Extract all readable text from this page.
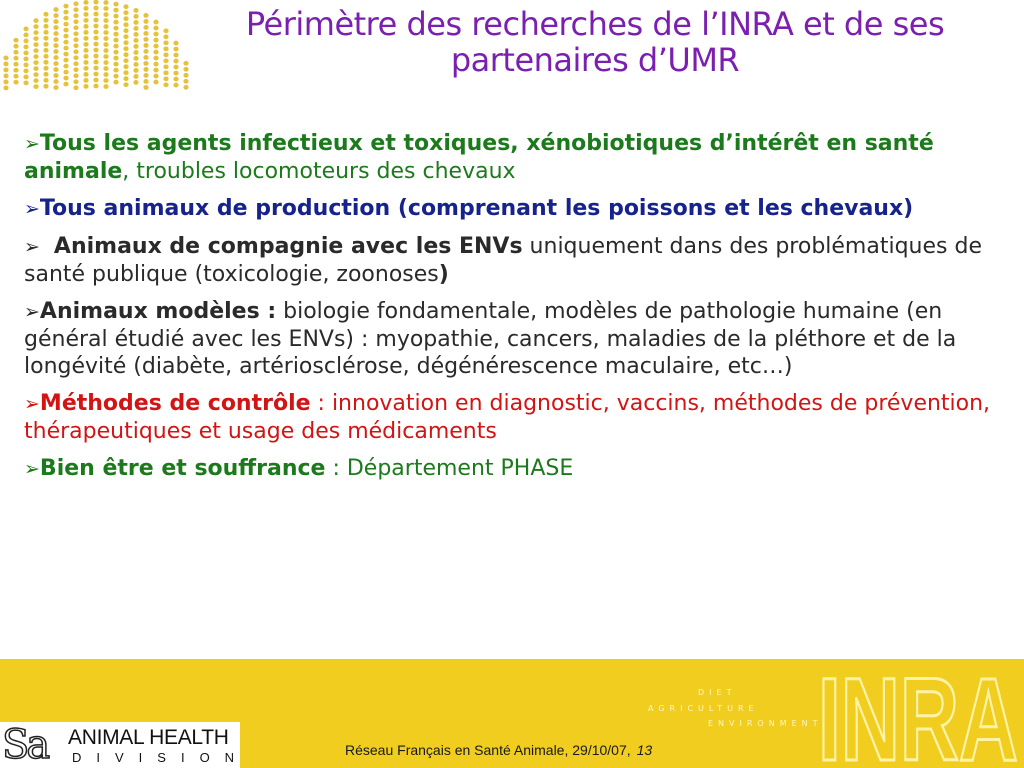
Périmètre des recherches de l’INRA et de ses partenaires d’UMR

➢Tous les agents infectieux et toxiques, xénobiotiques d’intérêt en santé animale, troubles locomoteurs des chevaux

➢Tous animaux de production (comprenant les poissons et les chevaux)

➢ Animaux de compagnie avec les ENVs uniquement dans des problématiques de santé publique (toxicologie, zoonoses)

➢Animaux modèles : biologie fondamentale, modèles de pathologie humaine (en général étudié avec les ENVs) : myopathie, cancers, maladies de la pléthore et de la longévité (diabète, artériosclérose, dégénérescence maculaire, etc…)

➢Méthodes de contrôle : innovation en diagnostic, vaccins, méthodes de prévention, thérapeutiques et usage des médicaments

➢Bien être et souffrance : Département PHASE

DIET
AGRICULTURE
ENVIRONMENT
INRA
Sa ANIMAL HEALTH
DIVISION	Réseau Français en Santé Animale, 29/10/07, 13
